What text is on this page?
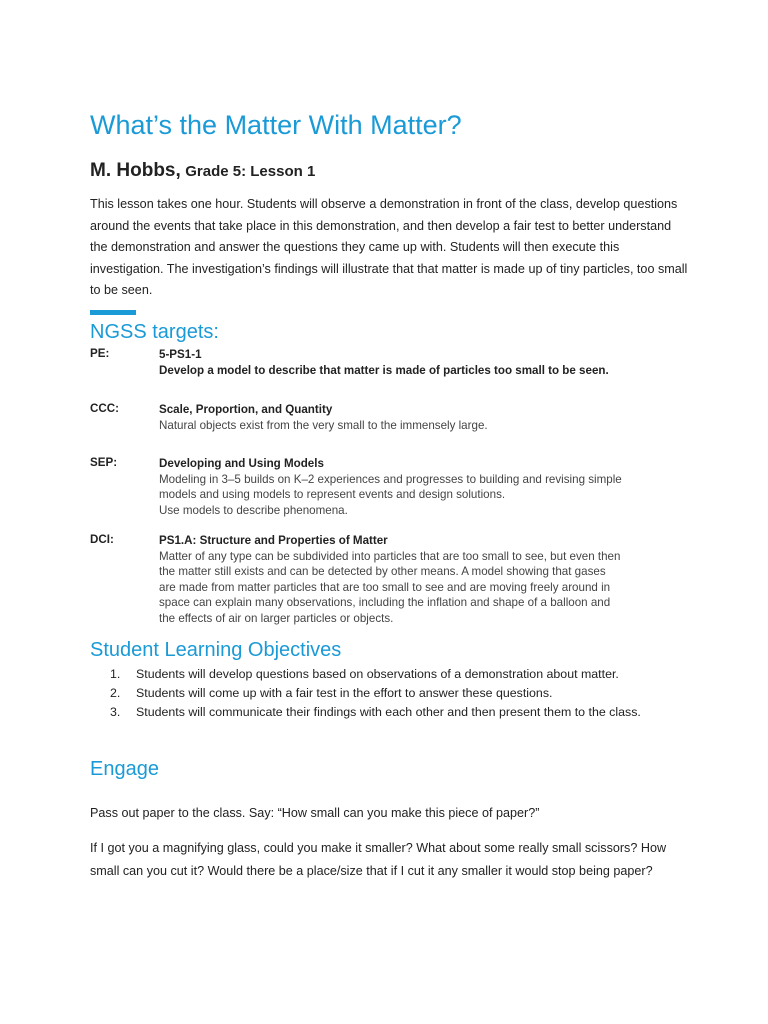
What’s the Matter With Matter?
M. Hobbs, Grade 5: Lesson 1

This lesson takes one hour. Students will observe a demonstration in front of the class, develop questions around the events that take place in this demonstration, and then develop a fair test to better understand the demonstration and answer the questions they came up with. Students will then execute this investigation. The investigation’s findings will illustrate that that matter is made up of tiny particles, too small to be seen.

NGSS targets:
PE:	5-PS1-1
Develop a model to describe that matter is made of particles too small to be seen.
CCC:	Scale, Proportion, and Quantity
Natural objects exist from the very small to the immensely large.
SEP:	Developing and Using Models
Modeling in 3–5 builds on K–2 experiences and progresses to building and revising simple
models and using models to represent events and design solutions.
Use models to describe phenomena.
DCI:	PS1.A: Structure and Properties of Matter
Matter of any type can be subdivided into particles that are too small to see, but even then
the matter still exists and can be detected by other means. A model showing that gases
are made from matter particles that are too small to see and are moving freely around in
space can explain many observations, including the inflation and shape of a balloon and
the effects of air on larger particles or objects.
Student Learning Objectives
1. Students will develop questions based on observations of a demonstration about matter.
2. Students will come up with a fair test in the effort to answer these questions.
3. Students will communicate their findings with each other and then present them to the class.
Engage

Pass out paper to the class. Say: “How small can you make this piece of paper?”

If I got you a magnifying glass, could you make it smaller? What about some really small scissors? How small can you cut it? Would there be a place/size that if I cut it any smaller it would stop being paper?
